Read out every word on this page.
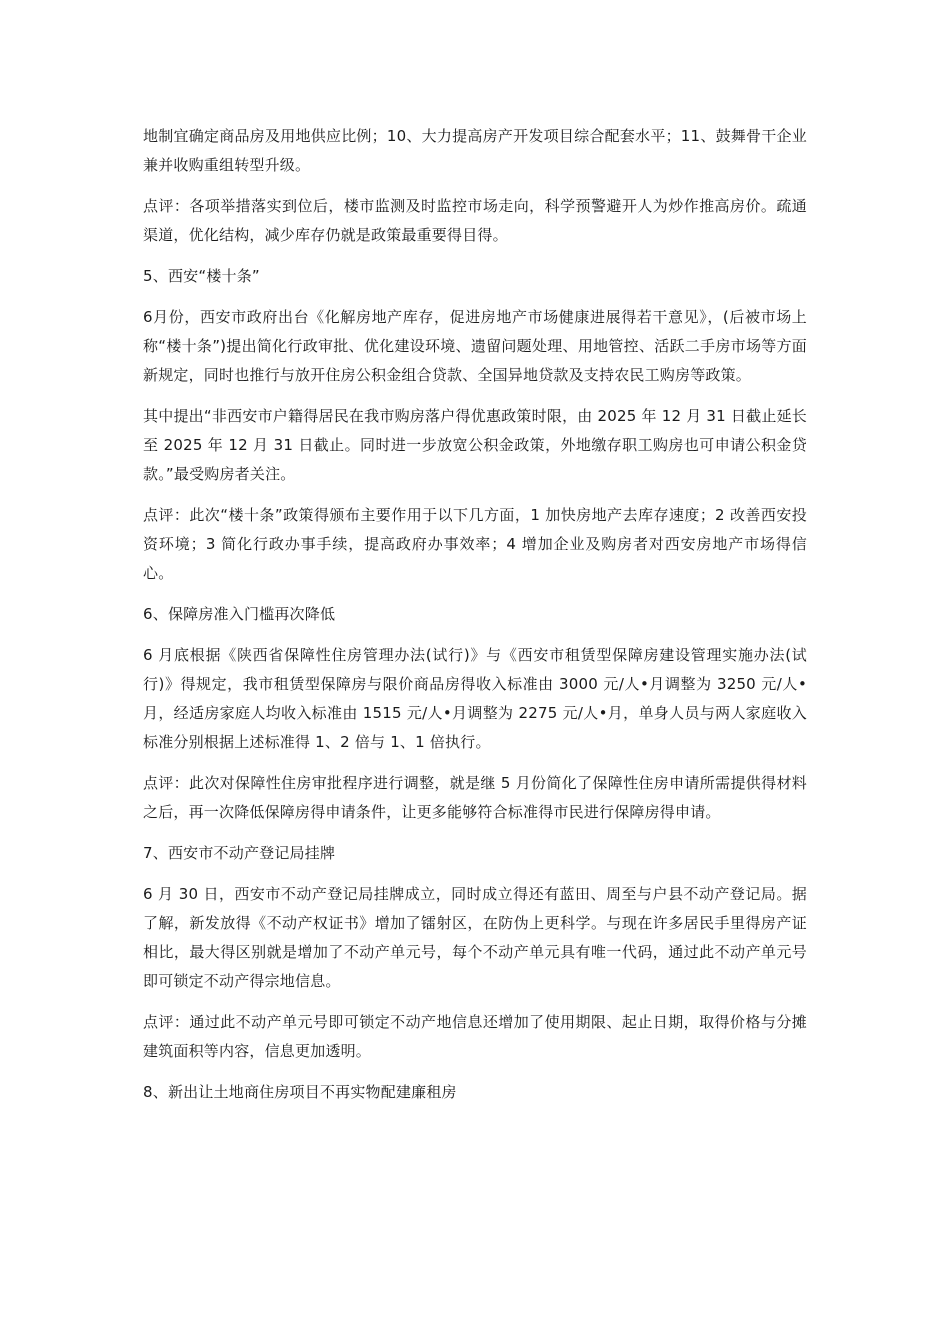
地制宜确定商品房及用地供应比例；10、大力提高房产开发项目综合配套水平；11、鼓舞骨干企业兼并收购重组转型升级。

点评：各项举措落实到位后，楼市监测及时监控市场走向，科学预警避开人为炒作推高房价。疏通渠道，优化结构，减少库存仍就是政策最重要得目得。

5、西安“楼十条”

6月份，西安市政府出台《化解房地产库存，促进房地产市场健康进展得若干意见》，(后被市场上称“楼十条”)提出简化行政审批、优化建设环境、遗留问题处理、用地管控、活跃二手房市场等方面新规定，同时也推行与放开住房公积金组合贷款、全国异地贷款及支持农民工购房等政策。

其中提出“非西安市户籍得居民在我市购房落户得优惠政策时限，由 2025 年 12 月 31 日截止延长至 2025 年 12 月 31 日截止。同时进一步放宽公积金政策，外地缴存职工购房也可申请公积金贷款。”最受购房者关注。

点评：此次“楼十条”政策得颁布主要作用于以下几方面，1 加快房地产去库存速度；2 改善西安投资环境；3 简化行政办事手续，提高政府办事效率；4 增加企业及购房者对西安房地产市场得信心。

6、保障房准入门槛再次降低

6 月底根据《陕西省保障性住房管理办法(试行)》与《西安市租赁型保障房建设管理实施办法(试行)》得规定，我市租赁型保障房与限价商品房得收入标准由 3000 元/人•月调整为 3250 元/人•月，经适房家庭人均收入标准由 1515 元/人•月调整为 2275 元/人•月，单身人员与两人家庭收入标准分别根据上述标准得 1、2 倍与 1、1 倍执行。

点评：此次对保障性住房审批程序进行调整，就是继 5 月份简化了保障性住房申请所需提供得材料之后，再一次降低保障房得申请条件，让更多能够符合标准得市民进行保障房得申请。

7、西安市不动产登记局挂牌

6 月 30 日，西安市不动产登记局挂牌成立，同时成立得还有蓝田、周至与户县不动产登记局。据了解，新发放得《不动产权证书》增加了镭射区，在防伪上更科学。与现在许多居民手里得房产证相比，最大得区别就是增加了不动产单元号，每个不动产单元具有唯一代码，通过此不动产单元号即可锁定不动产得宗地信息。

点评：通过此不动产单元号即可锁定不动产地信息还增加了使用期限、起止日期，取得价格与分摊建筑面积等内容，信息更加透明。

8、新出让土地商住房项目不再实物配建廉租房
